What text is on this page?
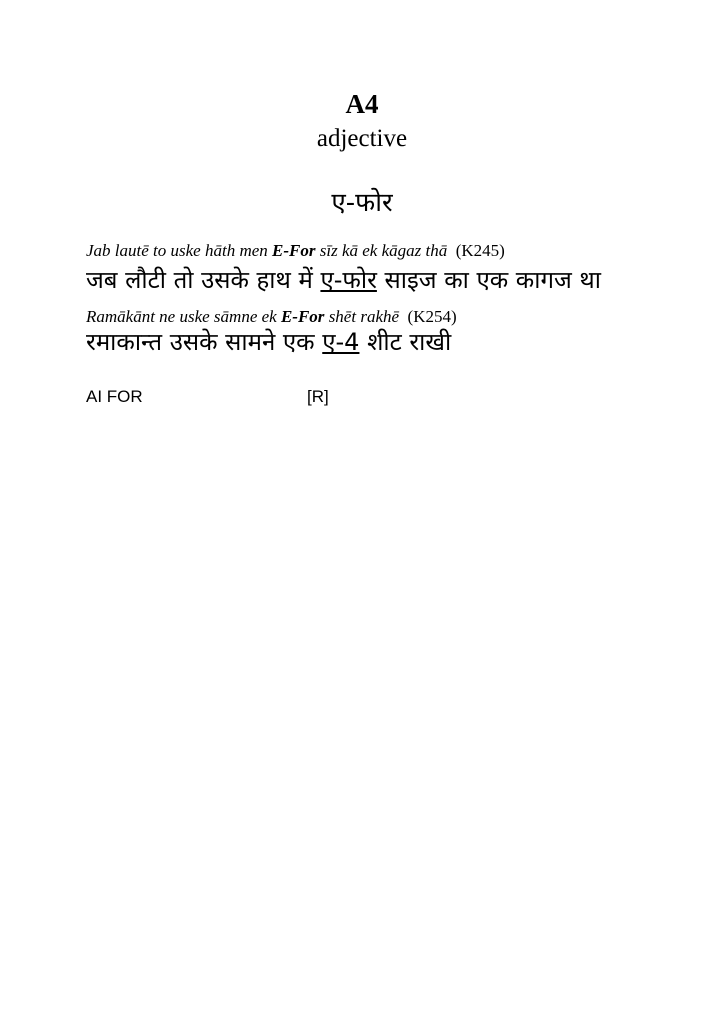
A4
adjective
ए-फोर
Jab lautē to uske hāth men E-For sīz kā ek kāgaz thā (K245)
जब लौटी तो उसके हाथ में ए-फोर साइज का एक कागज था
Ramākānt ne uske sāmne ek E-For shēt rakhē (K254)
रमाकान्त उसके सामने एक ए-4 शीट राखी
AI FOR	[R]
